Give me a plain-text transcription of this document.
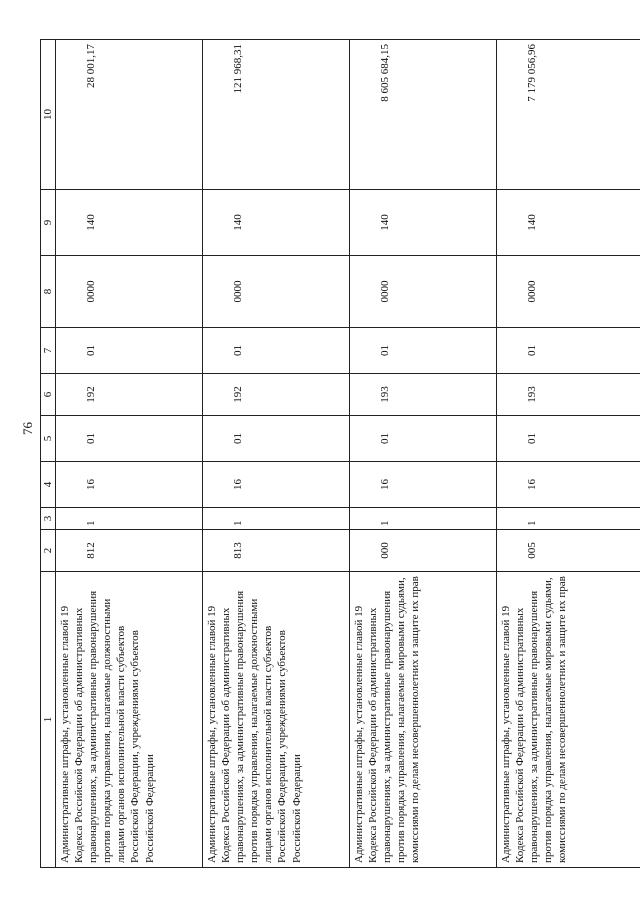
76
1	2	3	4	5	6	7	8	9	10
Административные штрафы, установленные главой 19 Кодекса Российской Федерации об административных правонарушениях, за административные правонарушения против порядка управления, налагаемые должностными лицами органов исполнительной власти субъектов Российской Федерации, учреждениями субъектов Российской Федерации	812	1	16	01	192	01	0000	140	28 001,17
Административные штрафы, установленные главой 19 Кодекса Российской Федерации об административных правонарушениях, за административные правонарушения против порядка управления, налагаемые должностными лицами органов исполнительной власти субъектов Российской Федерации, учреждениями субъектов Российской Федерации	813	1	16	01	192	01	0000	140	121 968,31
Административные штрафы, установленные главой 19 Кодекса Российской Федерации об административных правонарушениях, за административные правонарушения против порядка управления, налагаемые мировыми судьями, комиссиями по делам несовершеннолетних и защите их прав	000	1	16	01	193	01	0000	140	8 605 684,15
Административные штрафы, установленные главой 19 Кодекса Российской Федерации об административных правонарушениях, за административные правонарушения против порядка управления, налагаемые мировыми судьями, комиссиями по делам несовершеннолетних и защите их прав	005	1	16	01	193	01	0000	140	7 179 056,96
